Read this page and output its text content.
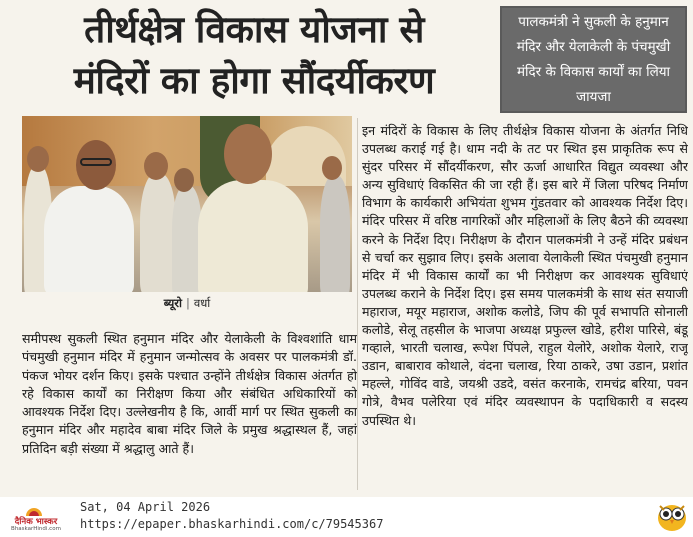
तीर्थक्षेत्र विकास योजना से
मंदिरों का होगा सौंदर्यीकरण
पालकमंत्री ने सुकली के हनुमान मंदिर और येलाकेली के पंचमुखी मंदिर के विकास कार्यों का लिया जायजा
ब्यूरो | वर्धा

समीपस्थ सुकली स्थित हनुमान मंदिर और येलाकेली के विश्वशांति धाम पंचमुखी हनुमान मंदिर में हनुमान जन्मोत्सव के अवसर पर पालकमंत्री डॉ. पंकज भोयर दर्शन किए। इसके पश्चात उन्होंने तीर्थक्षेत्र विकास अंतर्गत हो रहे विकास कार्यों का निरीक्षण किया और संबंधित अधिकारियों को आवश्यक निर्देश दिए। उल्लेखनीय है कि, आर्वी मार्ग पर स्थित सुकली का हनुमान मंदिर और महादेव बाबा मंदिर जिले के प्रमुख श्रद्धास्थल हैं, जहां प्रतिदिन बड़ी संख्या में श्रद्धालु आते हैं।

इन मंदिरों के विकास के लिए तीर्थक्षेत्र विकास योजना के अंतर्गत निधि उपलब्ध कराई गई है। धाम नदी के तट पर स्थित इस प्राकृतिक रूप से सुंदर परिसर में सौंदर्यीकरण, सौर ऊर्जा आधारित विद्युत व्यवस्था और अन्य सुविधाएं विकसित की जा रही हैं। इस बारे में जिला परिषद निर्माण विभाग के कार्यकारी अभियंता शुभम गुंडतवार को आवश्यक निर्देश दिए। मंदिर परिसर में वरिष्ठ नागरिकों और महिलाओं के लिए बैठने की व्यवस्था करने के निर्देश दिए। निरीक्षण के दौरान पालकमंत्री ने उन्हें मंदिर प्रबंधन से चर्चा कर सुझाव लिए। इसके अलावा येलाकेली स्थित पंचमुखी हनुमान मंदिर में भी विकास कार्यों का भी निरीक्षण कर आवश्यक सुविधाएं उपलब्ध कराने के निर्देश दिए। इस समय पालकमंत्री के साथ संत सयाजी महाराज, मयूर महाराज, अशोक कलोडे, जिप की पूर्व सभापति सोनाली कलोडे, सेलू तहसील के भाजपा अध्यक्ष प्रफुल्ल खोडे, हरीश पारिसे, बंडू गव्हाले, भारती चलाख, रूपेश पिंपले, राहुल येलोरे, अशोक येलारे, राजू उडान, बाबाराव कोथाले, वंदना चलाख, रिया ठाकरे, उषा उडान, प्रशांत महल्ले, गोविंद वाडे, जयश्री उडदे, वसंत करनाके, रामचंद्र बरिया, पवन गोत्रे, वैभव पलेरिया एवं मंदिर व्यवस्थापन के पदाधिकारी व सदस्य उपस्थित थे।

दैनिक भास्कर
BhaskarHindi.com
Sat, 04 April 2026
https://epaper.bhaskarhindi.com/c/79545367
